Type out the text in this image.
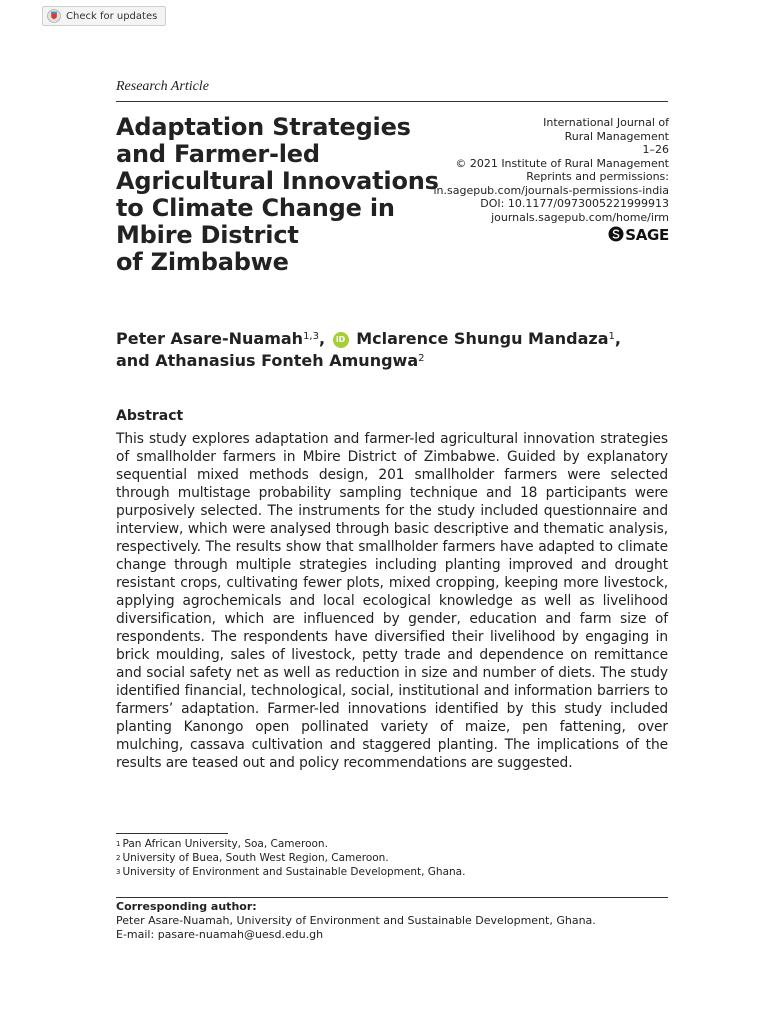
Check for updates
Research Article
Adaptation Strategies
and Farmer-led
Agricultural Innovations
to Climate Change in
Mbire District
of Zimbabwe
International Journal of
Rural Management
1–26
© 2021 Institute of Rural Management
Reprints and permissions:
in.sagepub.com/journals-permissions-india
DOI: 10.1177/0973005221999913
journals.sagepub.com/home/irm
SAGE
Peter Asare-Nuamah$^{1,3}$, iD Mclarence Shungu Mandaza$^1$,
and Athanasius Fonteh Amungwa$^2$
Abstract

This study explores adaptation and farmer-led agricultural innovation strategies of smallholder farmers in Mbire District of Zimbabwe. Guided by explanatory sequential mixed methods design, 201 smallholder farmers were selected through multistage probability sampling technique and 18 participants were purposively selected. The instruments for the study included questionnaire and interview, which were analysed through basic descriptive and thematic analysis, respectively. The results show that smallholder farmers have adapted to climate change through multiple strategies including planting improved and drought resistant crops, cultivating fewer plots, mixed cropping, keeping more livestock, applying agrochemicals and local ecological knowledge as well as livelihood diversification, which are influenced by gender, education and farm size of respondents. The respondents have diversified their livelihood by engaging in brick moulding, sales of livestock, petty trade and dependence on remittance and social safety net as well as reduction in size and number of diets. The study identified financial, technological, social, institutional and information barriers to farmers’ adaptation. Farmer-led innovations identified by this study included planting Kanongo open pollinated variety of maize, pen fattening, over mulching, cassava cultivation and staggered planting. The implications of the results are teased out and policy recommendations are suggested.

$^1$ Pan African University, Soa, Cameroon.
$^2$ University of Buea, South West Region, Cameroon.
$^3$ University of Environment and Sustainable Development, Ghana.
Corresponding author:
Peter Asare-Nuamah, University of Environment and Sustainable Development, Ghana.
E-mail: pasare-nuamah@uesd.edu.gh
